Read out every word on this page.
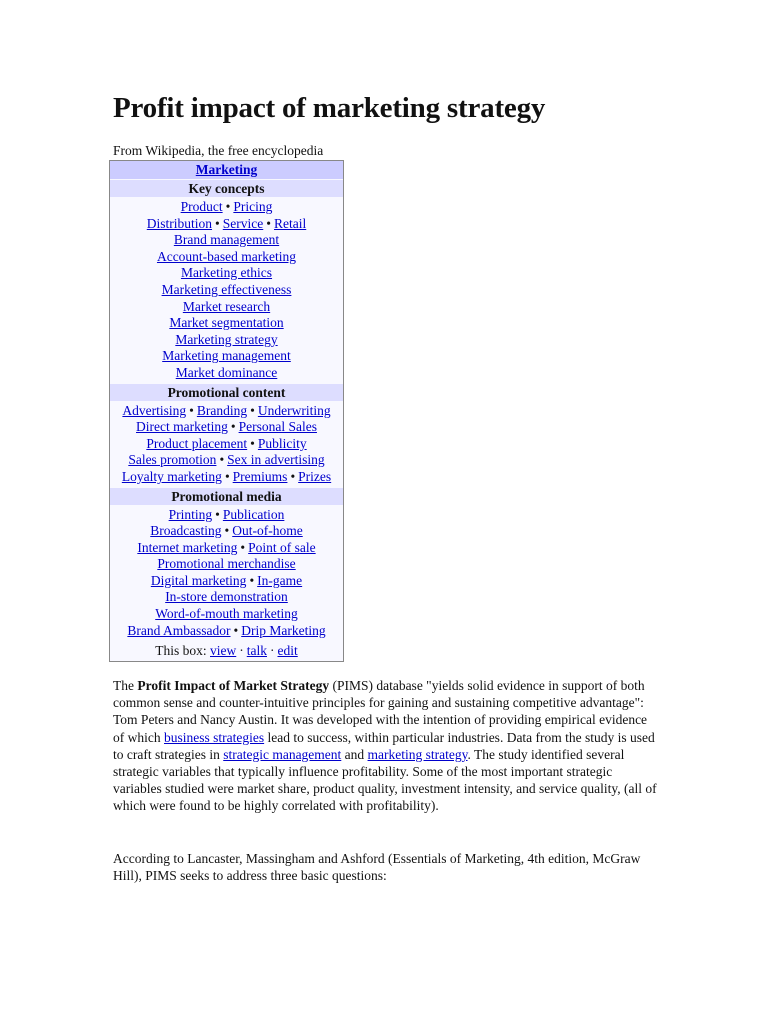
Profit impact of marketing strategy
From Wikipedia, the free encyclopedia
Marketing
Key concepts
Product • Pricing
Distribution • Service • Retail
Brand management
Account-based marketing
Marketing ethics
Marketing effectiveness
Market research
Market segmentation
Marketing strategy
Marketing management
Market dominance
Promotional content
Advertising • Branding • Underwriting
Direct marketing • Personal Sales
Product placement • Publicity
Sales promotion • Sex in advertising
Loyalty marketing • Premiums • Prizes
Promotional media
Printing • Publication
Broadcasting • Out-of-home
Internet marketing • Point of sale
Promotional merchandise
Digital marketing • In-game
In-store demonstration
Word-of-mouth marketing
Brand Ambassador • Drip Marketing
This box: view · talk · edit

The Profit Impact of Market Strategy (PIMS) database "yields solid evidence in support of both common sense and counter-intuitive principles for gaining and sustaining competitive advantage": Tom Peters and Nancy Austin. It was developed with the intention of providing empirical evidence of which business strategies lead to success, within particular industries. Data from the study is used to craft strategies in strategic management and marketing strategy. The study identified several strategic variables that typically influence profitability. Some of the most important strategic variables studied were market share, product quality, investment intensity, and service quality, (all of which were found to be highly correlated with profitability).

According to Lancaster, Massingham and Ashford (Essentials of Marketing, 4th edition, McGraw Hill), PIMS seeks to address three basic questions:
